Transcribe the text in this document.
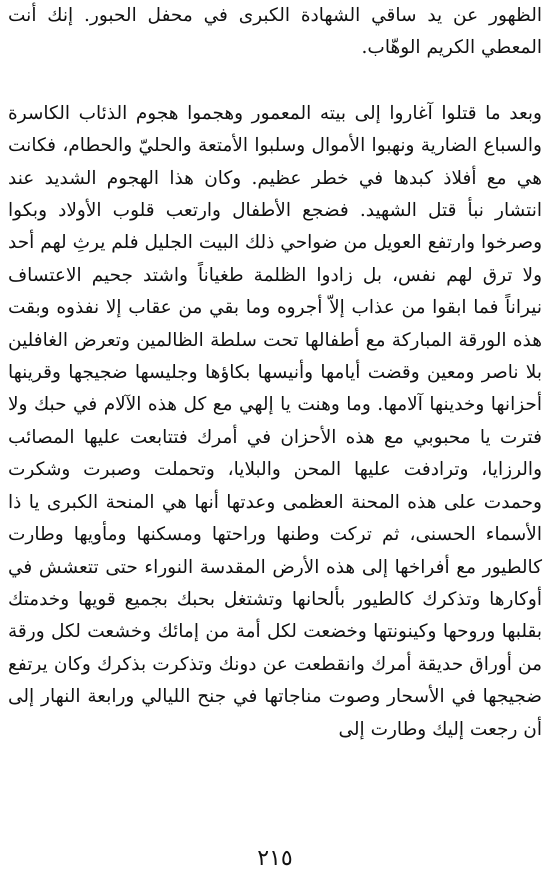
الظهور عن يد ساقي الشهادة الكبرى في محفل الحبور. إنك أنت المعطي الكريم الوهّاب.

وبعد ما قتلوا آغاروا إلى بيته المعمور وهجموا هجوم الذئاب الكاسرة والسباع الضارية ونهبوا الأموال وسلبوا الأمتعة والحليّ والحطام، فكانت هي مع أفلاذ كبدها في خطر عظيم. وكان هذا الهجوم الشديد عند انتشار نبأ قتل الشهيد. فضجع الأطفال وارتعب قلوب الأولاد وبكوا وصرخوا وارتفع العويل من ضواحي ذلك البيت الجليل فلم يرثِ لهم أحد ولا ترق لهم نفس، بل زادوا الظلمة طغياناً واشتد جحيم الاعتساف نيراناً فما ابقوا من عذاب إلاّ أجروه وما بقي من عقاب إلا نفذوه وبقت هذه الورقة المباركة مع أطفالها تحت سلطة الظالمين وتعرض الغافلين بلا ناصر ومعين وقضت أيامها وأنيسها بكاؤها وجليسها ضجيجها وقرينها أحزانها وخدينها آلامها. وما وهنت يا إلهي مع كل هذه الآلام في حبك ولا فترت يا محبوبي مع هذه الأحزان في أمرك فتتابعت عليها المصائب والرزايا، وترادفت عليها المحن والبلايا، وتحملت وصبرت وشكرت وحمدت على هذه المحنة العظمى وعدتها أنها هي المنحة الكبرى يا ذا الأسماء الحسنى، ثم تركت وطنها وراحتها ومسكنها ومأويها وطارت كالطيور مع أفراخها إلى هذه الأرض المقدسة النوراء حتى تتعشش في أوكارها وتذكرك كالطيور بألحانها وتشتغل بحبك بجميع قويها وخدمتك بقلبها وروحها وكينونتها وخضعت لكل أمة من إمائك وخشعت لكل ورقة من أوراق حديقة أمرك وانقطعت عن دونك وتذكرت بذكرك وكان يرتفع ضجيجها في الأسحار وصوت مناجاتها في جنح الليالي ورابعة النهار إلى أن رجعت إليك وطارت إلى

٢١٥
